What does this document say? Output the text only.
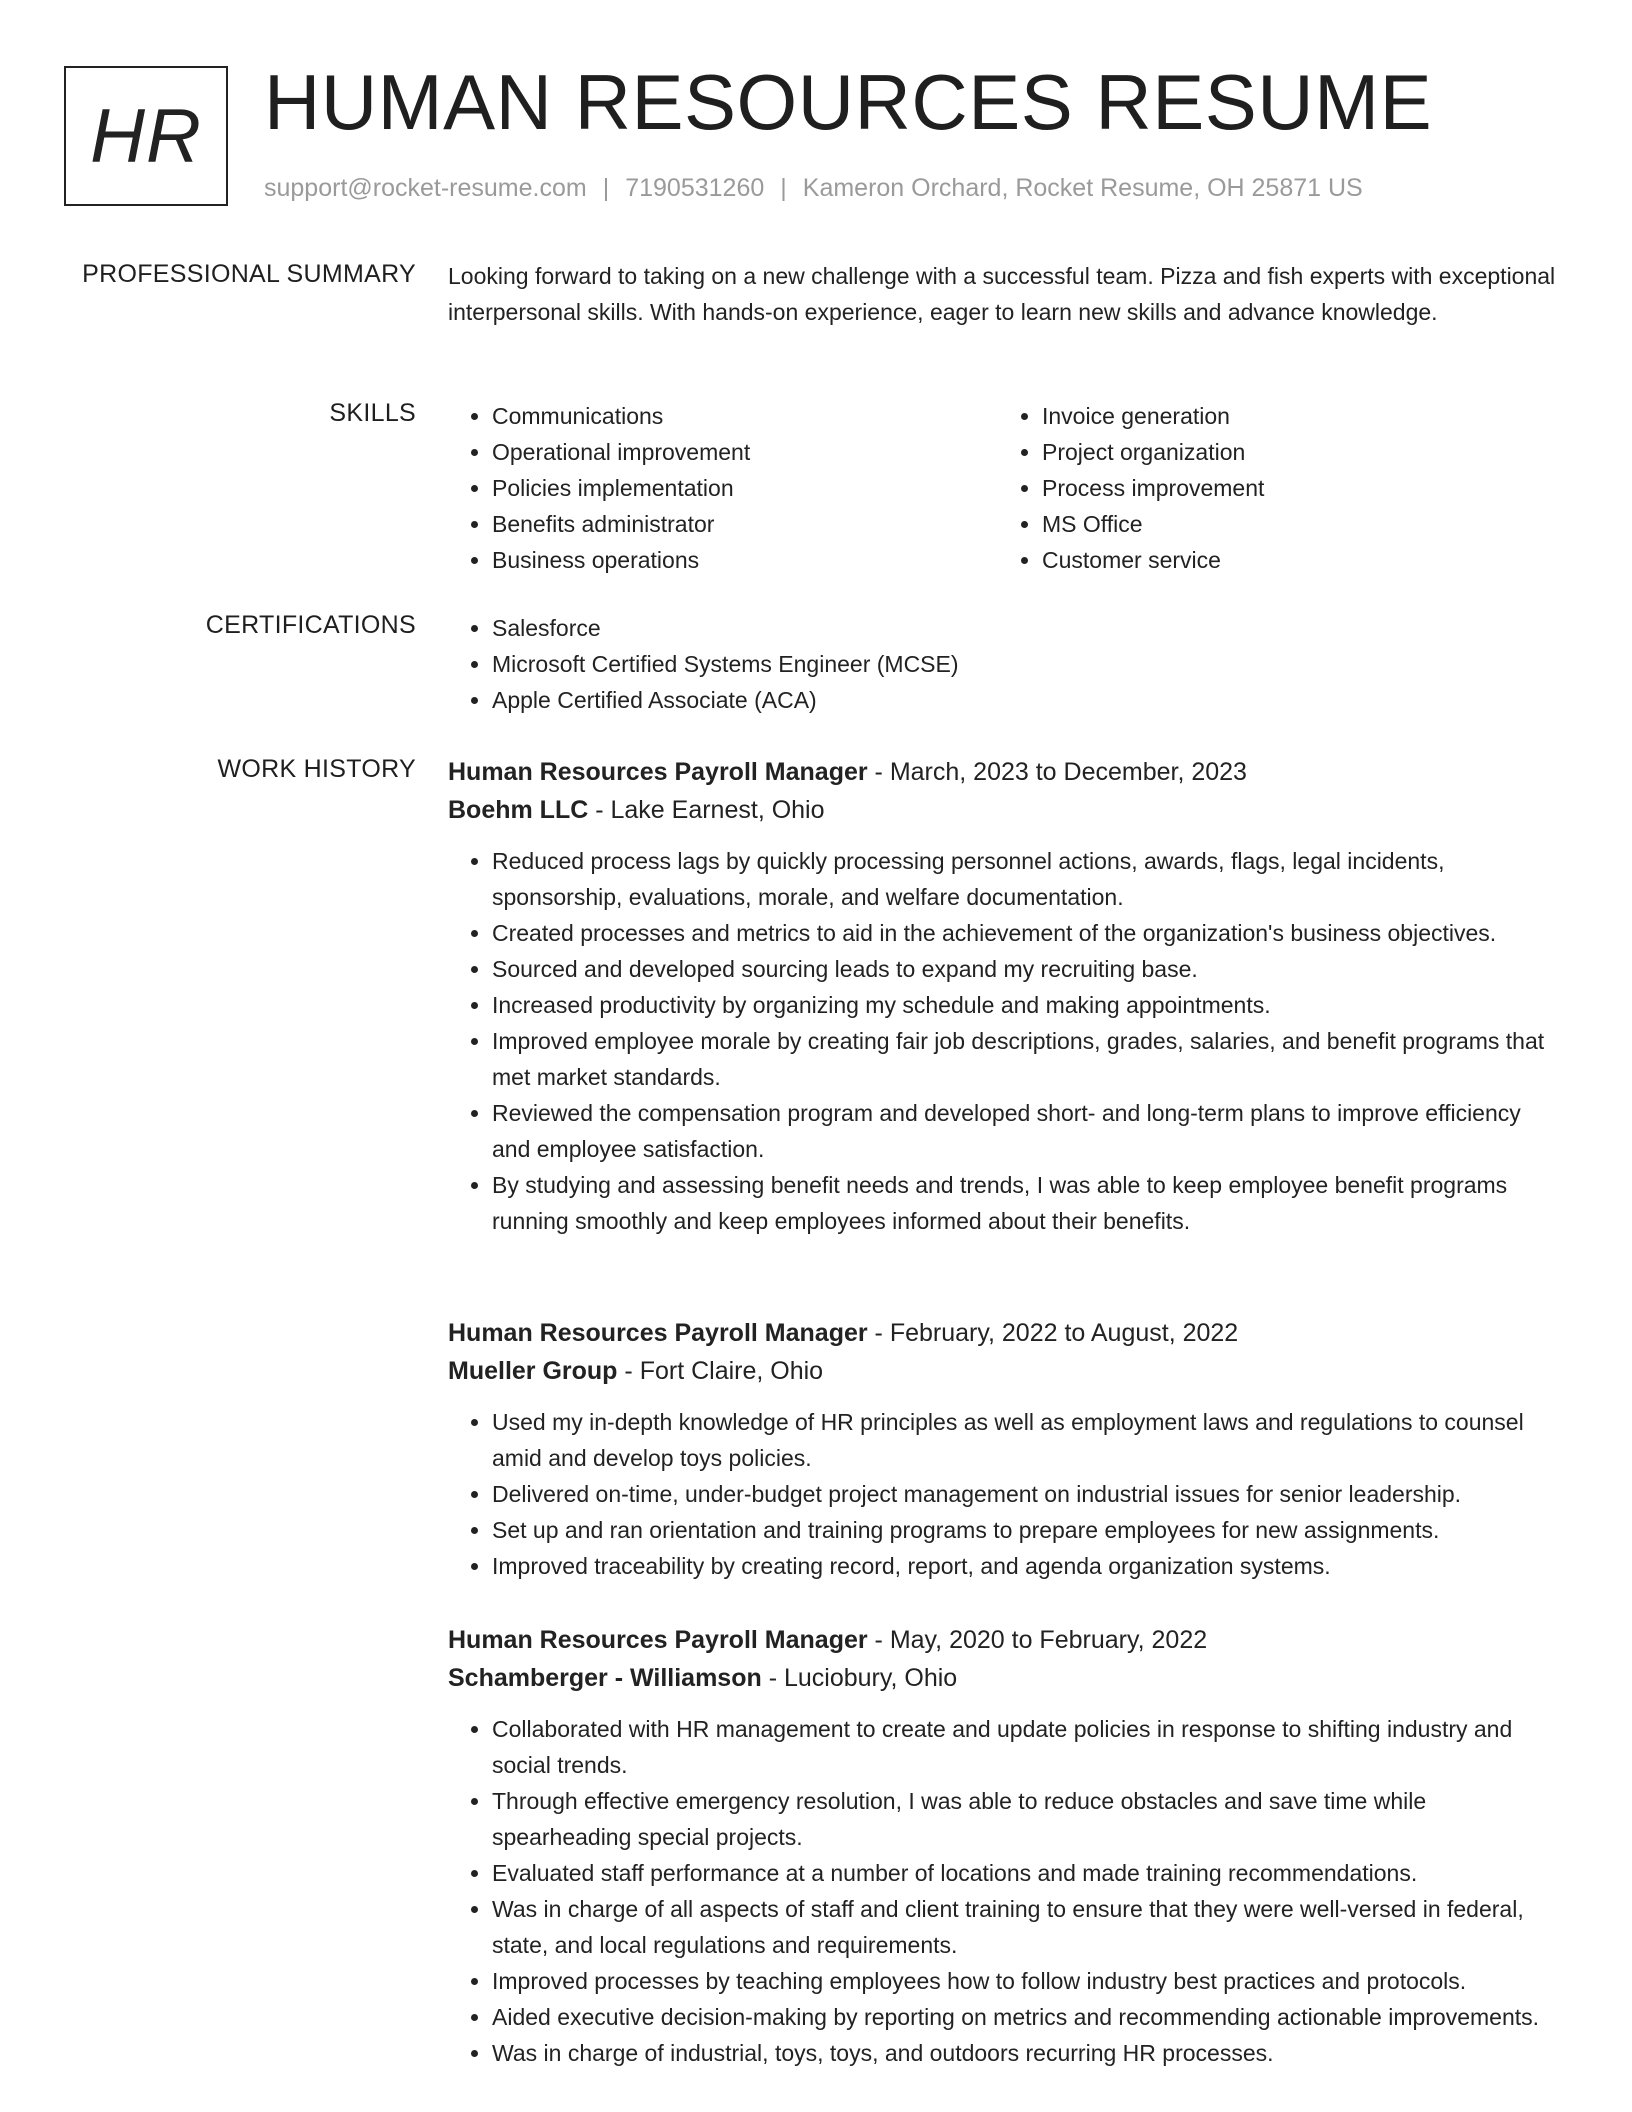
HR HUMAN RESOURCES RESUME
support@rocket-resume.com | 7190531260 | Kameron Orchard, Rocket Resume, OH 25871 US
PROFESSIONAL SUMMARY Looking forward to taking on a new challenge with a successful team. Pizza and fish experts with exceptional interpersonal skills. With hands-on experience, eager to learn new skills and advance knowledge.

SKILLS	• Communications
• Operational improvement
• Policies implementation
• Benefits administrator
• Business operations
• Invoice generation
• Project organization
• Process improvement
• MS Office
• Customer service
CERTIFICATIONS	• Salesforce
• Microsoft Certified Systems Engineer (MCSE)
• Apple Certified Associate (ACA)
WORK HISTORY Human Resources Payroll Manager - March, 2023 to December, 2023
Boehm LLC - Lake Earnest, Ohio
• Reduced process lags by quickly processing personnel actions, awards, flags, legal incidents, sponsorship, evaluations, morale, and welfare documentation.
• Created processes and metrics to aid in the achievement of the organization's business objectives.
• Sourced and developed sourcing leads to expand my recruiting base.
• Increased productivity by organizing my schedule and making appointments.
• Improved employee morale by creating fair job descriptions, grades, salaries, and benefit programs that met market standards.
• Reviewed the compensation program and developed short- and long-term plans to improve efficiency and employee satisfaction.
• By studying and assessing benefit needs and trends, I was able to keep employee benefit programs running smoothly and keep employees informed about their benefits.
Human Resources Payroll Manager - February, 2022 to August, 2022
Mueller Group - Fort Claire, Ohio
• Used my in-depth knowledge of HR principles as well as employment laws and regulations to counsel amid and develop toys policies.
• Delivered on-time, under-budget project management on industrial issues for senior leadership.
• Set up and ran orientation and training programs to prepare employees for new assignments.
• Improved traceability by creating record, report, and agenda organization systems.
Human Resources Payroll Manager - May, 2020 to February, 2022
Schamberger - Williamson - Luciobury, Ohio
• Collaborated with HR management to create and update policies in response to shifting industry and social trends.
• Through effective emergency resolution, I was able to reduce obstacles and save time while spearheading special projects.
• Evaluated staff performance at a number of locations and made training recommendations.
• Was in charge of all aspects of staff and client training to ensure that they were well-versed in federal, state, and local regulations and requirements.
• Improved processes by teaching employees how to follow industry best practices and protocols.
• Aided executive decision-making by reporting on metrics and recommending actionable improvements.
• Was in charge of industrial, toys, toys, and outdoors recurring HR processes.
